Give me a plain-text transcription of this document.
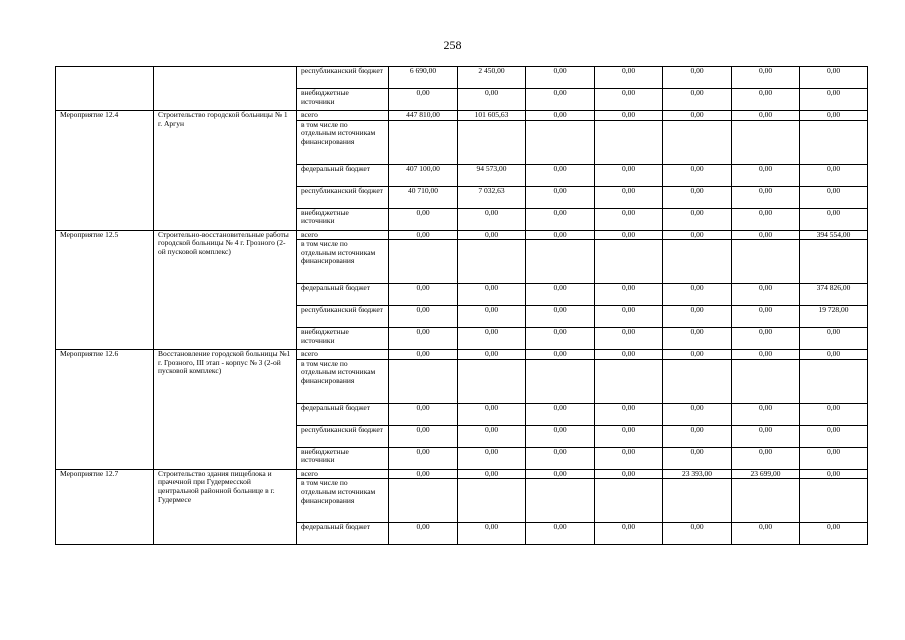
258
		республиканский бюджет	6 690,00	2 450,00	0,00	0,00	0,00	0,00	0,00
		внебюджетные источники	0,00	0,00	0,00	0,00	0,00	0,00	0,00
Мероприятие 12.4	Строительство городской больницы № 1 г. Аргун	всего	447 810,00	101 605,63	0,00	0,00	0,00	0,00	0,00
		в том числе по отдельным источникам финансирования							
		федеральный бюджет	407 100,00	94 573,00	0,00	0,00	0,00	0,00	0,00
		республиканский бюджет	40 710,00	7 032,63	0,00	0,00	0,00	0,00	0,00
		внебюджетные источники	0,00	0,00	0,00	0,00	0,00	0,00	0,00
Мероприятие 12.5	Строительно-восстановительные работы городской больницы № 4 г. Грозного (2-ой пусковой комплекс)	всего	0,00	0,00	0,00	0,00	0,00	0,00	394 554,00
		в том числе по отдельным источникам финансирования							
		федеральный бюджет	0,00	0,00	0,00	0,00	0,00	0,00	374 826,00
		республиканский бюджет	0,00	0,00	0,00	0,00	0,00	0,00	19 728,00
		внебюджетные источники	0,00	0,00	0,00	0,00	0,00	0,00	0,00
Мероприятие 12.6	Восстановление городской больницы №1 г. Грозного, III этап - корпус № 3 (2-ой пусковой комплекс)	всего	0,00	0,00	0,00	0,00	0,00	0,00	0,00
		в том числе по отдельным источникам финансирования							
		федеральный бюджет	0,00	0,00	0,00	0,00	0,00	0,00	0,00
		республиканский бюджет	0,00	0,00	0,00	0,00	0,00	0,00	0,00
		внебюджетные источники	0,00	0,00	0,00	0,00	0,00	0,00	0,00
Мероприятие 12.7	Строительство здания пищеблока и прачечной при Гудермесской центральной районной больнице в г. Гудермесе	всего	0,00	0,00	0,00	0,00	23 393,00	23 699,00	0,00
		в том числе по отдельным источникам финансирования							
		федеральный бюджет	0,00	0,00	0,00	0,00	0,00	0,00	0,00
